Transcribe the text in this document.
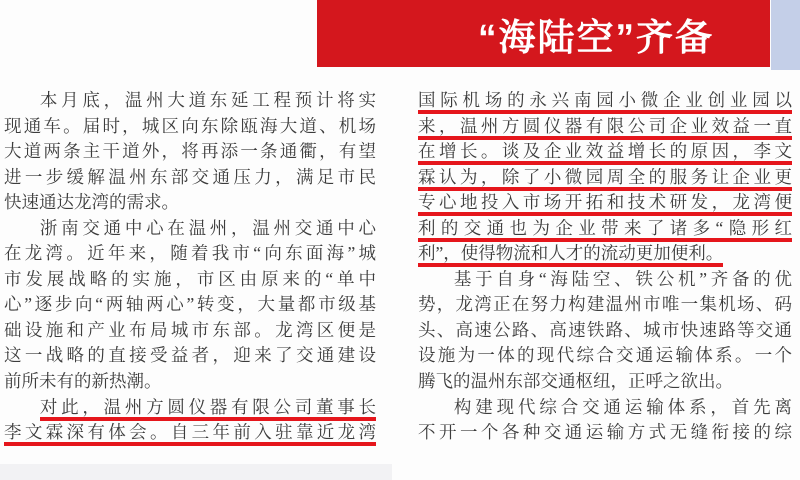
“海陆空”齐备
本月底，温州大道东延工程预计将实
现通车。届时，城区向东除瓯海大道、机场
大道两条主干道外，将再添一条通衢，有望
进一步缓解温州东部交通压力，满足市民
快速通达龙湾的需求。
浙南交通中心在温州，温州交通中心
在龙湾。近年来，随着我市“向东面海”城
市发展战略的实施，市区由原来的“单中
心”逐步向“两轴两心”转变，大量都市级基
础设施和产业布局城市东部。龙湾区便是
这一战略的直接受益者，迎来了交通建设
前所未有的新热潮。
对此，温州方圆仪器有限公司董事长
李文霖深有体会。自三年前入驻靠近龙湾
国际机场的永兴南园小微企业创业园以
来，温州方圆仪器有限公司企业效益一直
在增长。谈及企业效益增长的原因，李文
霖认为，除了小微园周全的服务让企业更
专心地投入市场开拓和技术研发，龙湾便
利的交通也为企业带来了诸多“隐形红
利”，使得物流和人才的流动更加便利。
基于自身“海陆空、铁公机”齐备的优
势，龙湾正在努力构建温州市唯一集机场、码
头、高速公路、高速铁路、城市快速路等交通
设施为一体的现代综合交通运输体系。一个
腾飞的温州东部交通枢纽，正呼之欲出。
构建现代综合交通运输体系，首先离
不开一个各种交通运输方式无缝衔接的综
